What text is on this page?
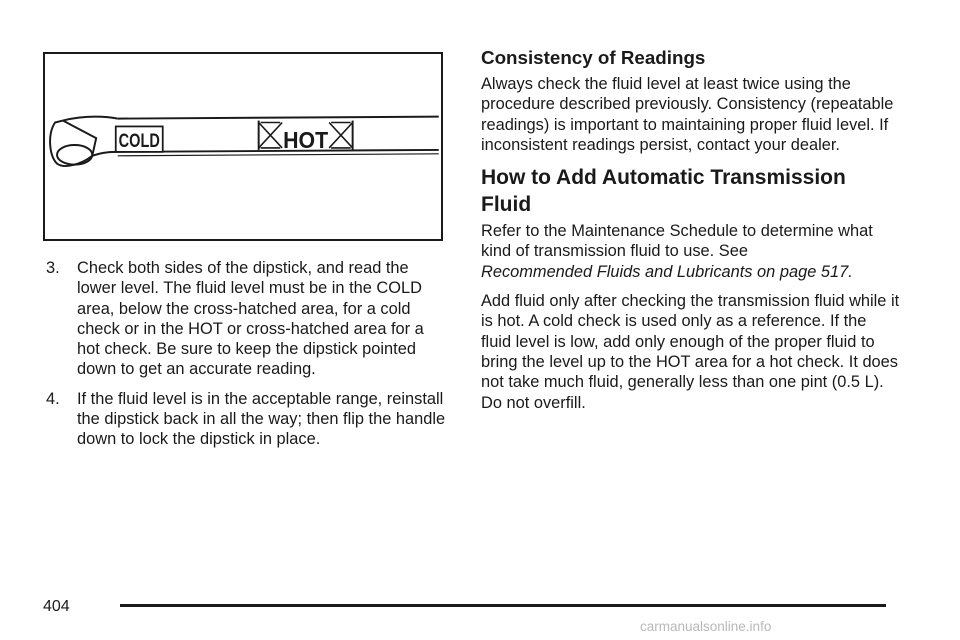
COLD	HOT
3.	Check both sides of the dipstick, and read the lower level. The fluid level must be in the COLD area, below the cross-hatched area, for a cold check or in the HOT or cross-hatched area for a hot check. Be sure to keep the dipstick pointed down to get an accurate reading.
4.	If the fluid level is in the acceptable range, reinstall the dipstick back in all the way; then flip the handle down to lock the dipstick in place.
Consistency of Readings

Always check the fluid level at least twice using the procedure described previously. Consistency (repeatable readings) is important to maintaining proper fluid level. If inconsistent readings persist, contact your dealer.

How to Add Automatic Transmission Fluid

Refer to the Maintenance Schedule to determine what kind of transmission fluid to use. See
Recommended Fluids and Lubricants on page 517.

Add fluid only after checking the transmission fluid while it is hot. A cold check is used only as a reference. If the fluid level is low, add only enough of the proper fluid to bring the level up to the HOT area for a hot check. It does not take much fluid, generally less than one pint (0.5 L). Do not overfill.

404
carmanualsonline.info
